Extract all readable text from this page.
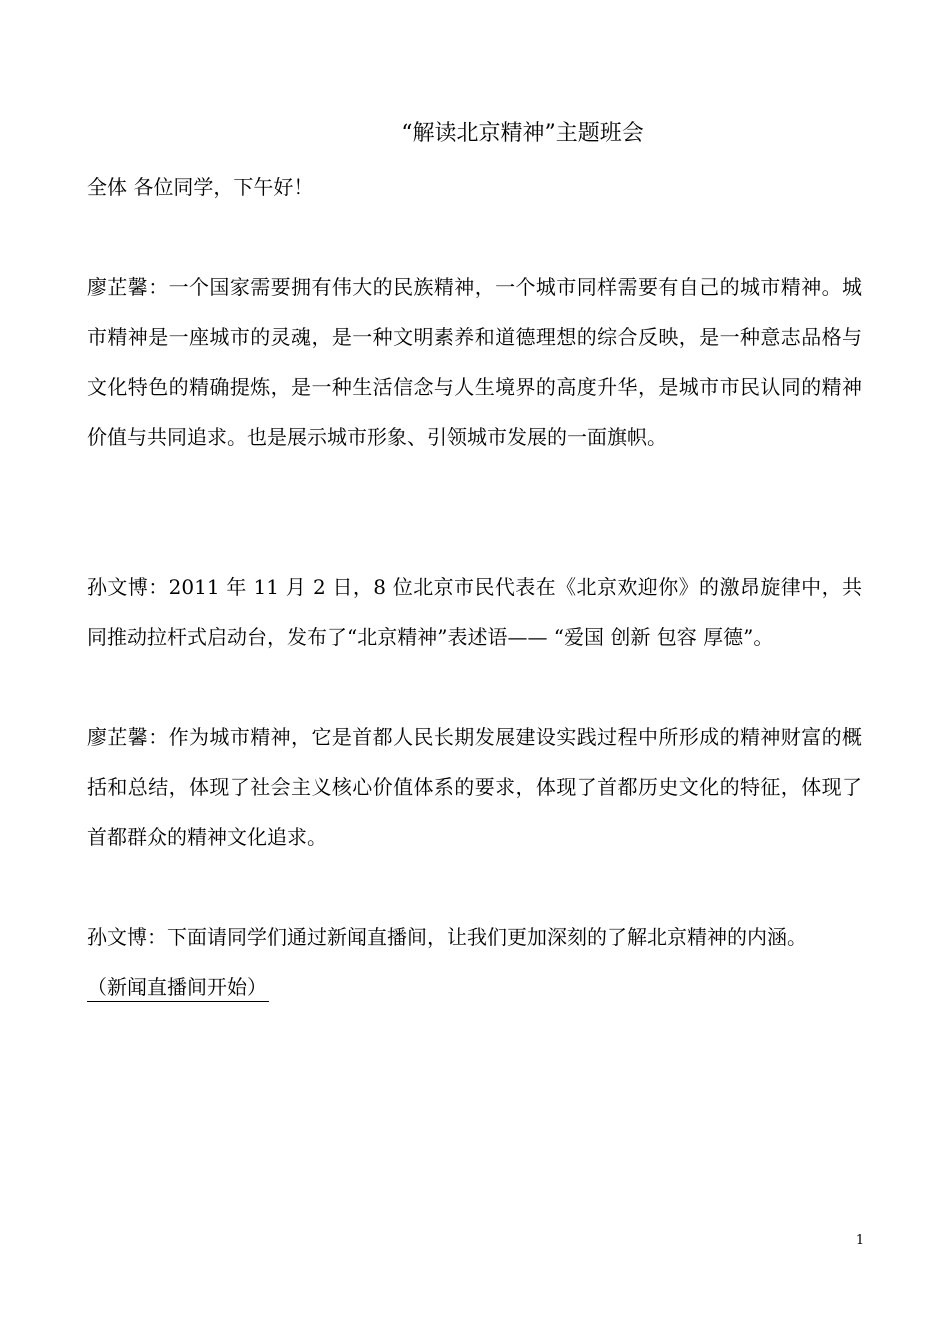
“解读北京精神”主题班会
全体 各位同学，下午好！
廖芷馨：一个国家需要拥有伟大的民族精神，一个城市同样需要有自己的城市精神。城市精神是一座城市的灵魂，是一种文明素养和道德理想的综合反映，是一种意志品格与文化特色的精确提炼，是一种生活信念与人生境界的高度升华，是城市市民认同的精神价值与共同追求。也是展示城市形象、引领城市发展的一面旗帜。
孙文博：2011 年 11 月 2 日，8 位北京市民代表在《北京欢迎你》的激昂旋律中，共同推动拉杆式启动台，发布了“北京精神”表述语—— “爱国 创新 包容 厚德”。
廖芷馨：作为城市精神，它是首都人民长期发展建设实践过程中所形成的精神财富的概括和总结，体现了社会主义核心价值体系的要求，体现了首都历史文化的特征，体现了首都群众的精神文化追求。
孙文博：下面请同学们通过新闻直播间，让我们更加深刻的了解北京精神的内涵。
（新闻直播间开始）
1
